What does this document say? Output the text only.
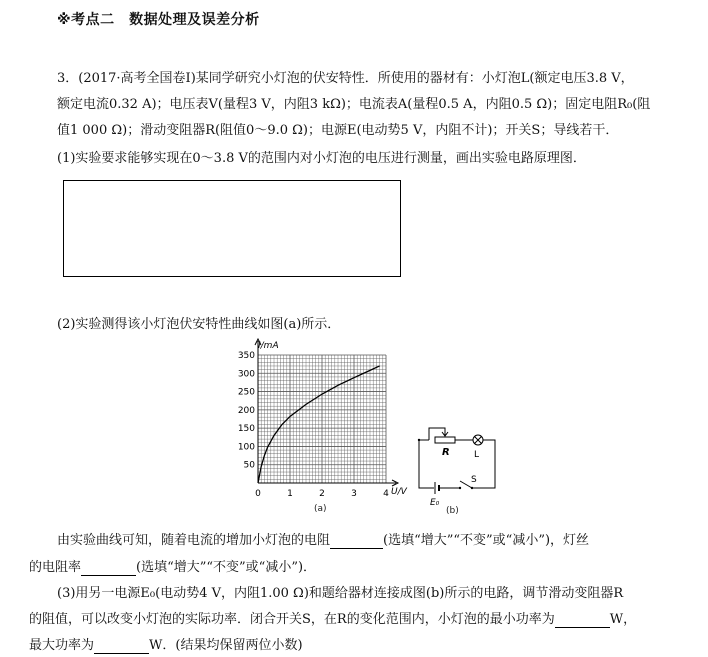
※考点二　数据处理及误差分析
3．(2017·高考全国卷Ⅰ)某同学研究小灯泡的伏安特性．所使用的器材有：小灯泡L(额定电压3.8 V，
额定电流0.32 A)；电压表V(量程3 V，内阻3 kΩ)；电流表A(量程0.5 A，内阻0.5 Ω)；固定电阻R₀(阻
值1 000 Ω)；滑动变阻器R(阻值0～9.0 Ω)；电源E(电动势5 V，内阻不计)；开关S；导线若干．
(1)实验要求能够实现在0～3.8 V的范围内对小灯泡的电压进行测量，画出实验电路原理图．
(2)实验测得该小灯泡伏安特性曲线如图(a)所示．
0	1	2	3	4
50
100
150
200
250
300
350
I/mA
U/V
(a)
R	L
S
E₀
(b)
由实验曲线可知，随着电流的增加小灯泡的电阻	(选填“增大”“不变”或“减小”)，灯丝
的电阻率	(选填“增大”“不变”或“减小”)．
(3)用另一电源E₀(电动势4 V，内阻1.00 Ω)和题给器材连接成图(b)所示的电路，调节滑动变阻器R
的阻值，可以改变小灯泡的实际功率．闭合开关S，在R的变化范围内，小灯泡的最小功率为	W，
最大功率为	W．(结果均保留两位小数)
